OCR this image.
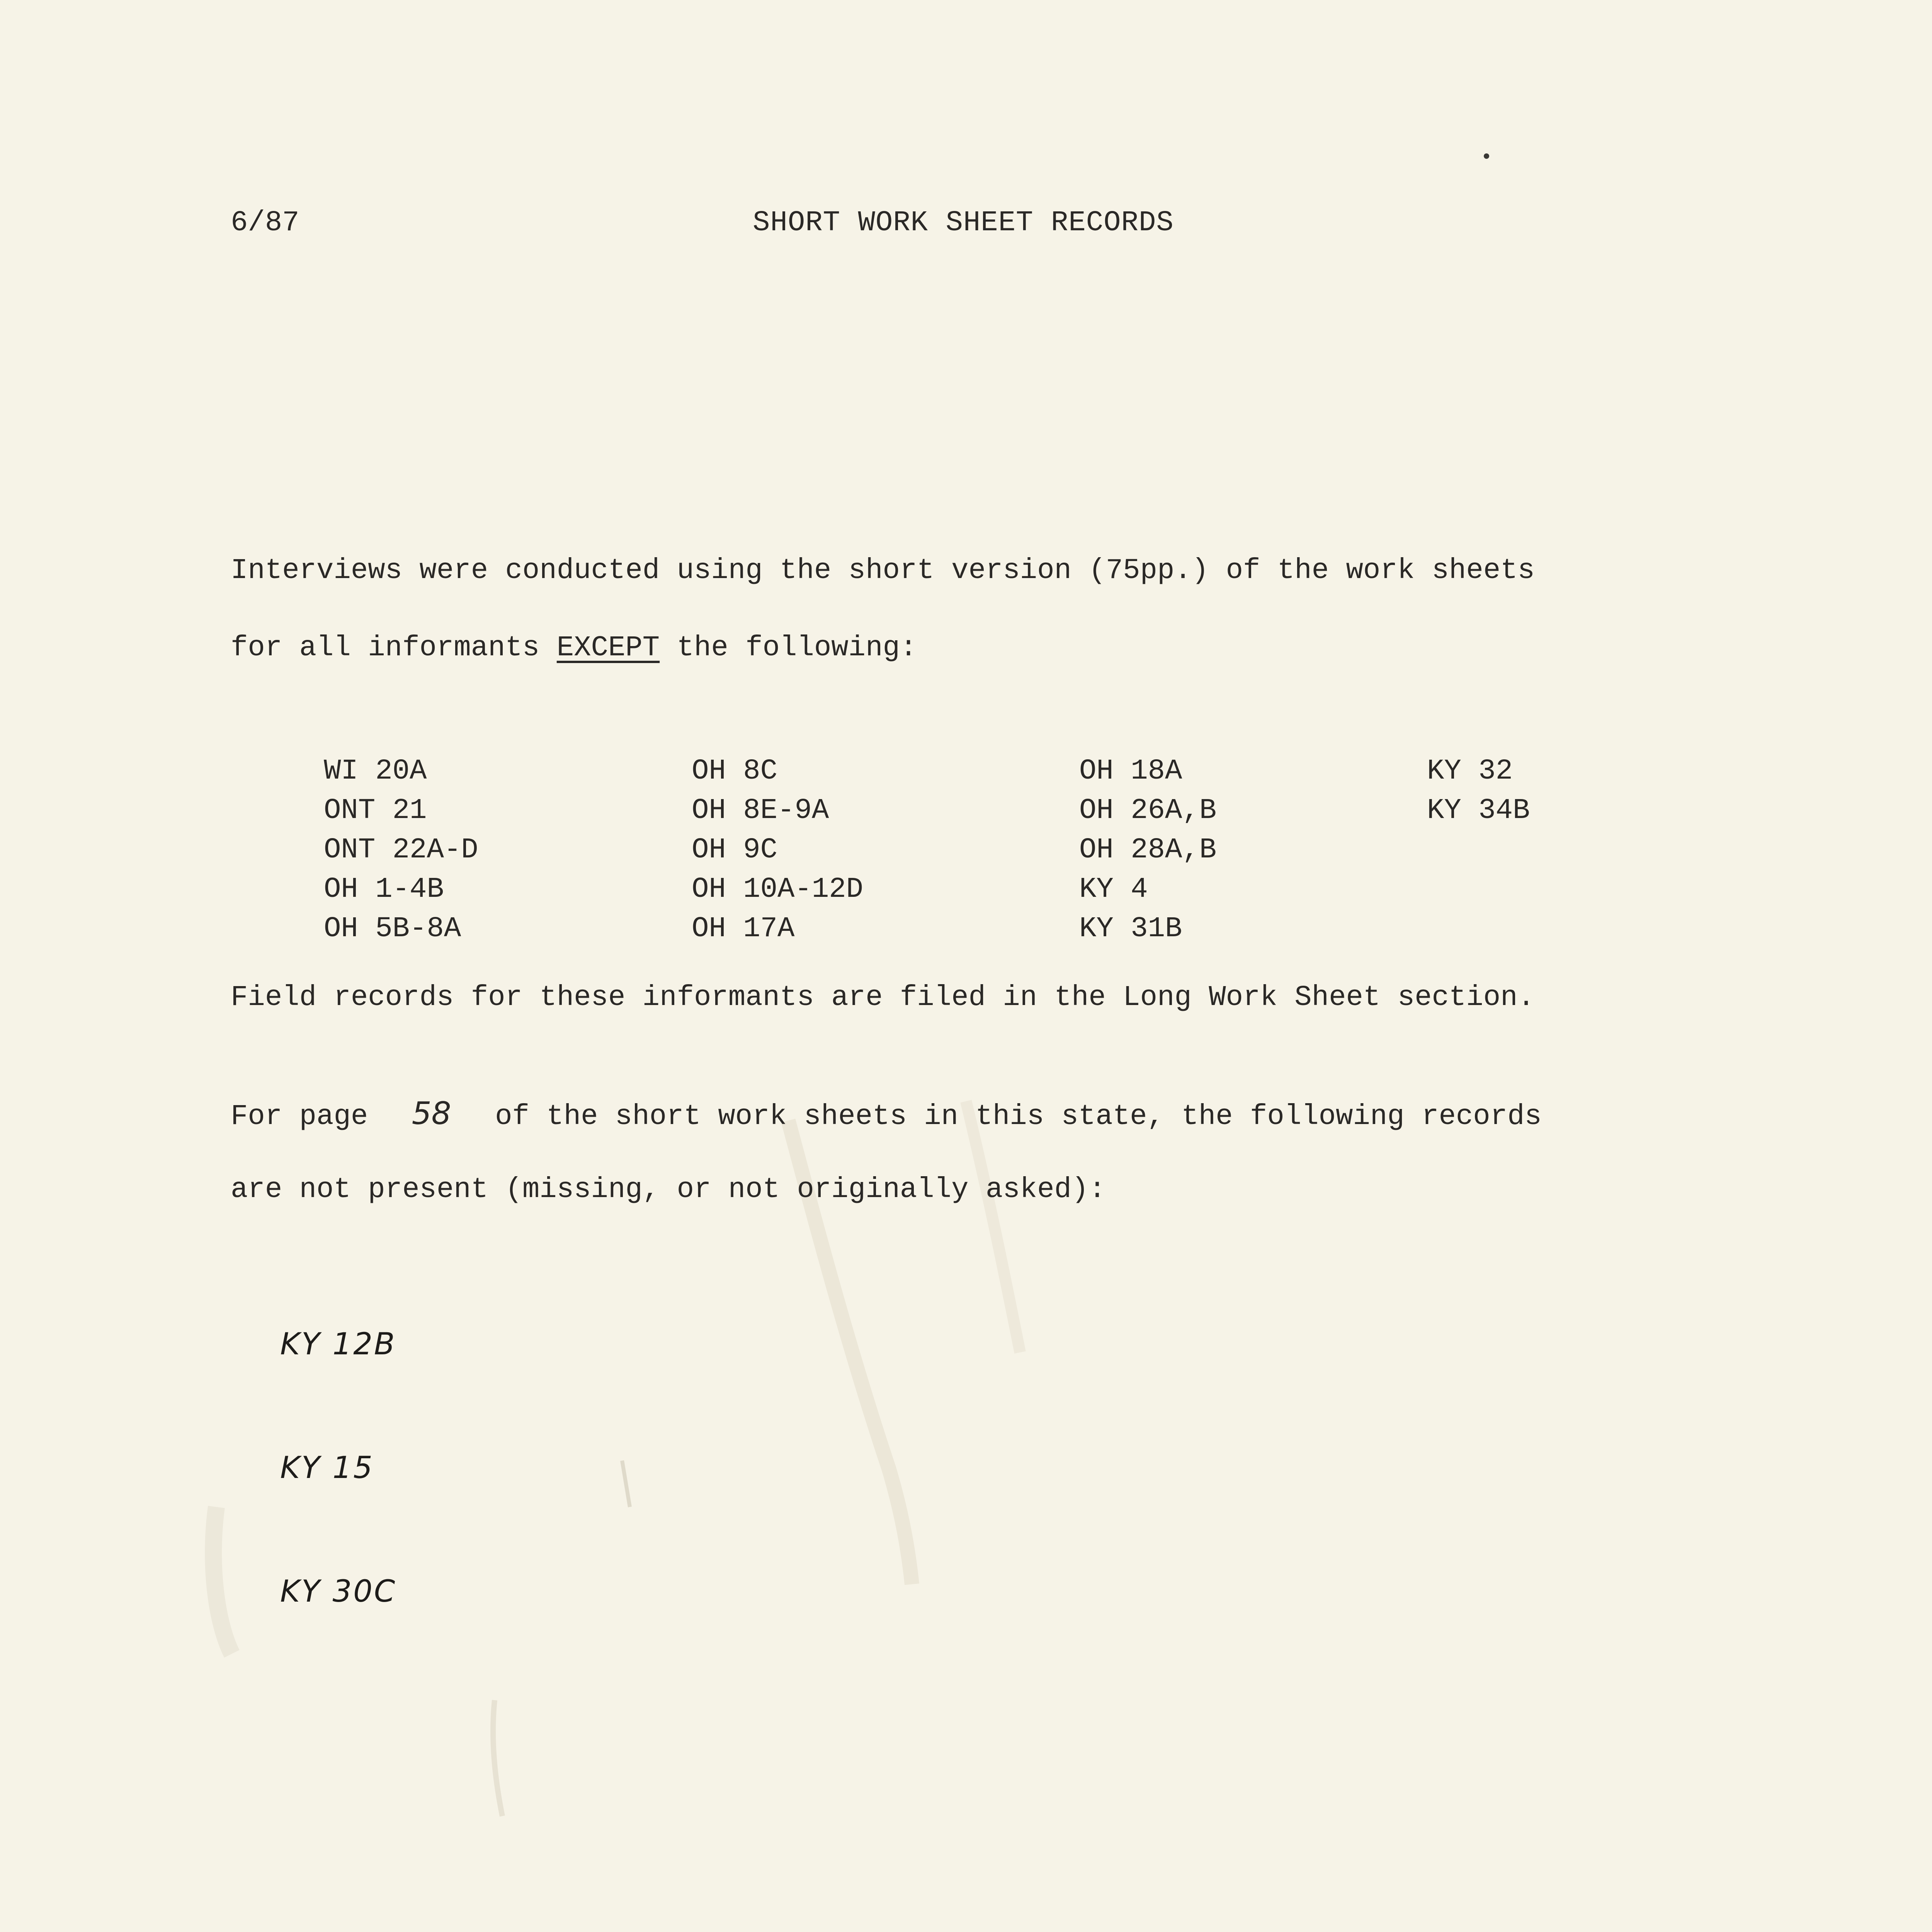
6/87	SHORT WORK SHEET RECORDS
Interviews were conducted using the short version (75pp.) of the work sheets
for all informants EXCEPT the following:
WI 20A
ONT 21
ONT 22A-D
OH 1-4B
OH 5B-8A
OH 8C
OH 8E-9A
OH 9C
OH 10A-12D
OH 17A
OH 18A
OH 26A,B
OH 28A,B
KY 4
KY 31B
KY 32
KY 34B
Field records for these informants are filed in the Long Work Sheet section.
For page 58 of the short work sheets in this state, the following records
are not present (missing, or not originally asked):
KY 12B
KY 15
KY 30C
